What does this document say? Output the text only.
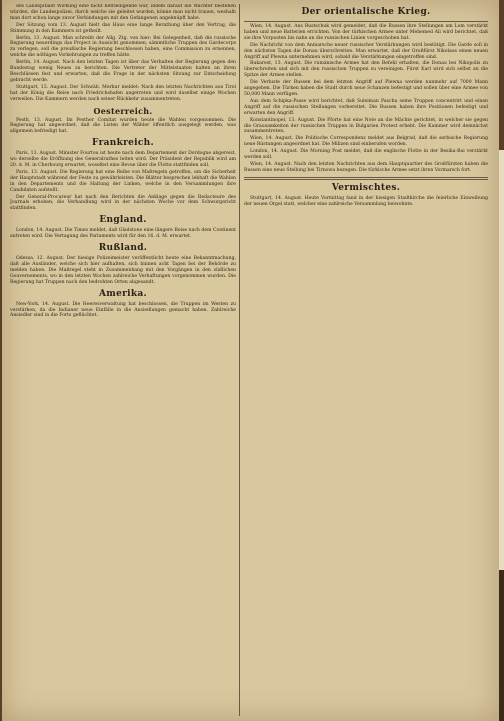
des Landspitalet Wirkung eine nicht befriedigende war, indem darauf die Wächter bestehen würden, die Landespolizei, durch welche sie geleitet wurden, könne man nicht trauen, weshalb man dort schon lange zuvor Verbindungen mit den Gefangenen angeknüpft habe.

Der Sitzung vom 13. August hielt das Haus eine lange Berathung über den Vertrag, die Stimmung in den Kammern ist getheilt.

Berlin, 13. August. Man schreibt der Allg. Ztg. von hier: Bei Gelegenheit, daß die russische Regierung neuerdings das Project in Aussicht genommen, sämmtliche Truppen des Gardecorps zu verlegen, soll die preußische Regierung beschlossen haben, eine Commission zu ernennen, welche die nöthigen Vorkehrungen zu treffen hätte.

Berlin, 14. August. Nach den letzten Tagen ist über das Verhalten der Regierung gegen den Bundestag wenig Neues zu berichten. Die Vertreter der Mittelstaaten halten an ihren Beschlüssen fest und erwarten, daß die Frage in der nächsten Sitzung zur Entscheidung gebracht werde.

Stuttgart, 13. August. Der Schwäb. Merkur meldet: Nach den letzten Nachrichten aus Tirol hat der König die Reise nach Friedrichshafen angetreten und wird daselbst einige Wochen verweilen. Die Kammern werden nach seiner Rückkehr zusammentreten.

Oesterreich.

Pesth, 13. August. Im Pesther Comitat wurden heute die Wahlen vorgenommen. Die Regierung hat angeordnet, daß die Listen der Wähler öffentlich ausgelegt werden, was allgemein befriedigt hat.

Frankreich.

Paris, 13. August. Minister Fourtou ist heute nach dem Departement der Dordogne abgereist, wo derselbe die Eröffnung des Generalrathes leiten wird. Der Präsident der Republik wird am 20. d. M. in Cherbourg erwartet, woselbst eine Revue über die Flotte stattfinden soll.

Paris, 13. August. Die Regierung hat eine Reihe von Maßregeln getroffen, um die Sicherheit der Hauptstadt während der Feste zu gewährleisten. Die Blätter besprechen lebhaft die Wahlen in den Departements und die Haltung der Linken, welche in den Versammlungen ihre Candidaten aufstellt.

Der General-Procureur hat nach den Berichten die Anklage gegen die Redacteure des Journals erhoben; die Verhandlung wird in der nächsten Woche vor dem Schwurgericht stattfinden.

England.

London, 14. August. Die Times meldet, daß Gladstone eine längere Reise nach dem Continent antreten wird. Die Vertagung des Parlaments wird für den 16. d. M. erwartet.

Rußland.

Odessa, 12. August. Der hiesige Polizeimeister veröffentlicht heute eine Bekanntmachung, daß alle Ausländer, welche sich hier aufhalten, sich binnen acht Tagen bei der Behörde zu melden haben. Die Maßregel steht in Zusammenhang mit den Vorgängen in den südlichen Gouvernements, wo in den letzten Wochen zahlreiche Verhaftungen vorgenommen wurden. Die Regierung hat Truppen nach den bedrohten Orten abgesandt.

Amerika.

New-York, 14. August. Die Heeresverwaltung hat beschlossen, die Truppen im Westen zu verstärken, da die Indianer neue Einfälle in die Ansiedlungen gemacht haben. Zahlreiche Ansiedler sind in die Forts geflüchtet.

Der orientalische Krieg.

Wien, 14. August. Aus Rustschuk wird gemeldet, daß die Russen ihre Stellungen am Lom verstärkt haben und neue Batterien errichten. Von der türkischen Armee unter Mehemed Ali wird berichtet, daß sie ihre Vorposten bis nahe an die russischen Linien vorgeschoben hat.

Die Nachricht von dem Anmarsche neuer russischer Verstärkungen wird bestätigt. Die Garde soll in den nächsten Tagen die Donau überschreiten. Man erwartet, daß der Großfürst Nikolaus einen neuen Angriff auf Plewna unternehmen wird, sobald die Verstärkungen eingetroffen sind.

Bukarest, 13. August. Die rumänische Armee hat den Befehl erhalten, die Donau bei Nikopolis zu überschreiten und sich mit den russischen Truppen zu vereinigen. Fürst Karl wird sich selbst an die Spitze der Armee stellen.

Die Verluste der Russen bei dem letzten Angriff auf Plewna werden nunmehr auf 7000 Mann angegeben. Die Türken haben die Stadt durch neue Schanzen befestigt und sollen über eine Armee von 50,000 Mann verfügen.

Aus dem Schipka-Passe wird berichtet, daß Suleiman Pascha seine Truppen concentrirt und einen Angriff auf die russischen Stellungen vorbereitet. Die Russen haben ihre Positionen befestigt und erwarten den Angriff.

Konstantinopel, 13. August. Die Pforte hat eine Note an die Mächte gerichtet, in welcher sie gegen die Grausamkeiten der russischen Truppen in Bulgarien Protest erhebt. Die Kammer wird demnächst zusammentreten.

Wien, 14. August. Die Politische Correspondenz meldet aus Belgrad, daß die serbische Regierung neue Rüstungen angeordnet hat. Die Milizen sind einberufen worden.

London, 14. August. Die Morning Post meldet, daß die englische Flotte in der Besika-Bai verstärkt werden soll.

Wien, 14. August. Nach den letzten Nachrichten aus dem Hauptquartier des Großfürsten haben die Russen eine neue Stellung bei Tirnowa bezogen. Die türkische Armee setzt ihren Vormarsch fort.

Vermischtes.

Stuttgart, 14. August. Heute Vormittag fand in der hiesigen Stadtkirche die feierliche Einweihung der neuen Orgel statt, welcher eine zahlreiche Versammlung beiwohnte.
